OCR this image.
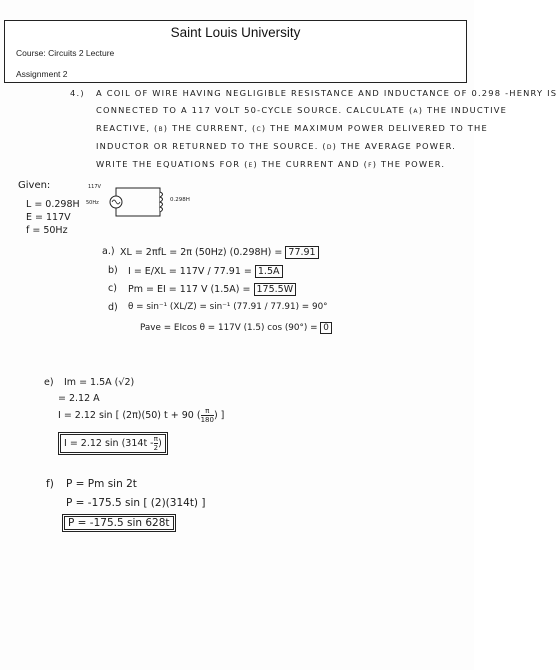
Saint Louis University
Course: Circuits 2 Lecture
Assignment 2
4.) A COIL OF WIRE HAVING NEGLIGIBLE RESISTANCE AND INDUCTANCE OF 0.298 -HENRY IS
CONNECTED TO A 117 VOLT 50-CYCLE SOURCE. CALCULATE (a) THE INDUCTIVE
REACTIVE, (b) THE CURRENT, (c) THE MAXIMUM POWER DELIVERED TO THE
INDUCTOR OR RETURNED TO THE SOURCE. (d) THE AVERAGE POWER.
WRITE THE EQUATIONS FOR (e) THE CURRENT AND (f) THE POWER.
Given:
L = 0.298H
E = 117V
f = 50Hz
117V
50Hz	0.298H
a.) XL = 2πfL = 2π (50Hz) (0.298H) = 77.91
b) I = E/XL = 117V / 77.91 = 1.5A
c) Pm = EI = 117 V (1.5A) = 175.5W
d) θ = sin⁻¹ (XL/Z) = sin⁻¹ (77.91 / 77.91) = 90°
Pave = EIcos θ = 117V (1.5) cos (90°) = 0
e) Im = 1.5A (√2)
= 2.12 A
I = 2.12 sin [ (2π)(50) t + 90 ( $\frac{\pi}{180}$ ) ]
I = 2.12 $\sin (314t - \frac{\pi}{2}$ )
f) P = Pm sin 2t
P = -175.5 sin [ (2)(314t) ]
P = -175.5 sin 628t
